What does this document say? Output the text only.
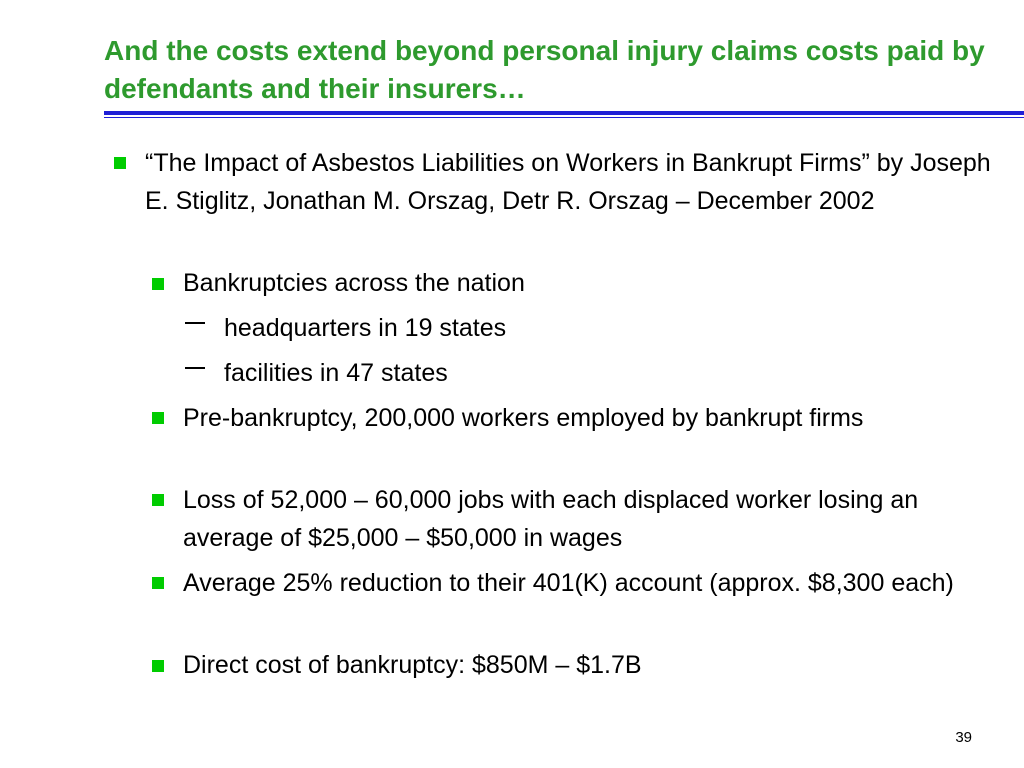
And the costs extend beyond personal injury claims costs paid by defendants and their insurers…
“The Impact of Asbestos Liabilities on Workers in Bankrupt Firms” by Joseph E. Stiglitz, Jonathan M. Orszag, Detr R. Orszag – December 2002
Bankruptcies across the nation
headquarters in 19 states
facilities in 47 states
Pre-bankruptcy, 200,000 workers employed by bankrupt firms
Loss of 52,000 – 60,000 jobs with each displaced worker losing an average of $25,000 – $50,000 in wages
Average 25% reduction to their 401(K) account (approx. $8,300 each)
Direct cost of bankruptcy: $850M – $1.7B
39
